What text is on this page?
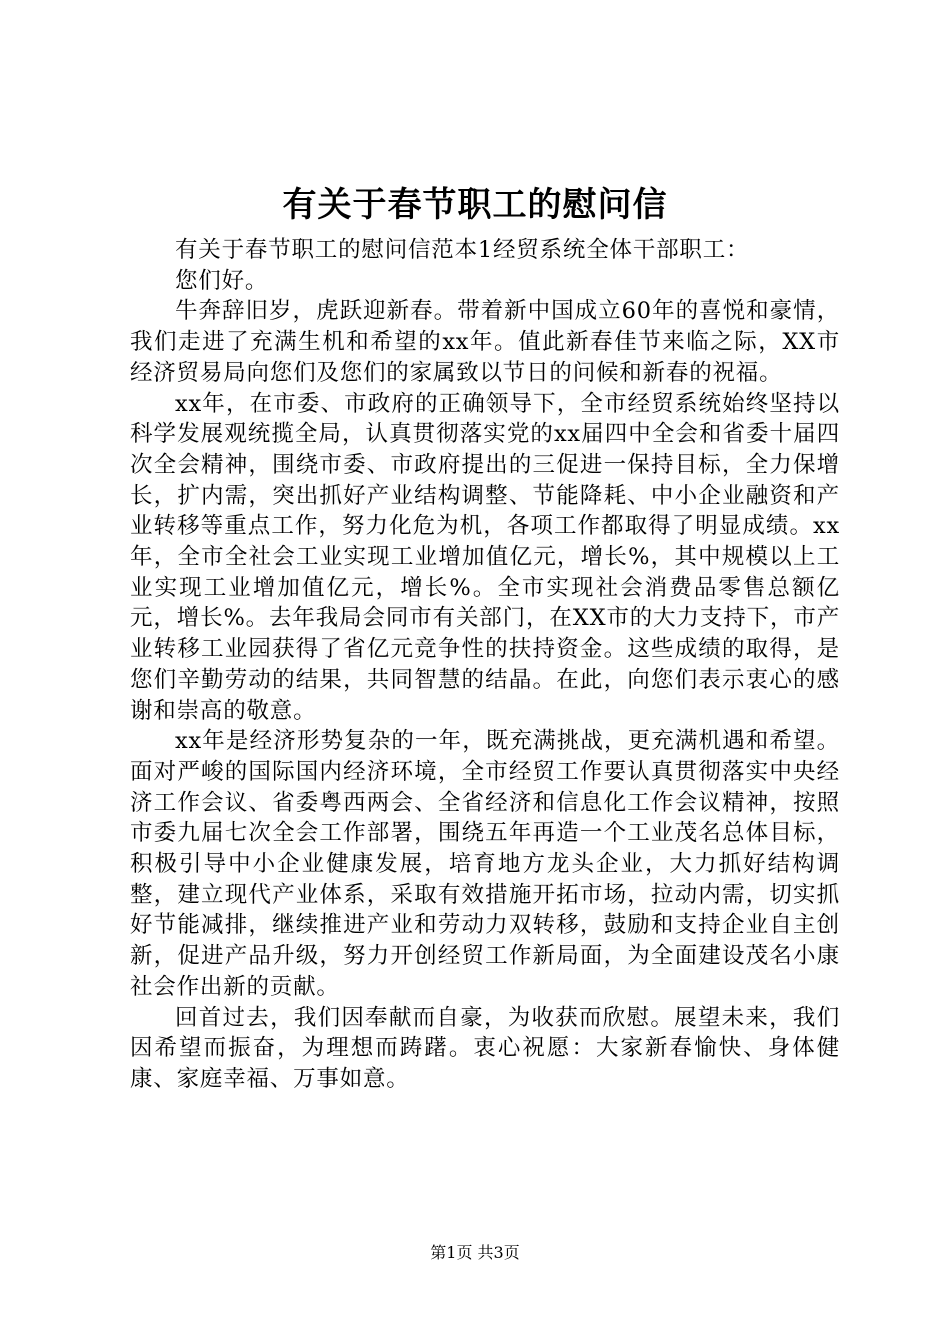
有关于春节职工的慰问信

有关于春节职工的慰问信范本1经贸系统全体干部职工：

您们好。

牛奔辞旧岁，虎跃迎新春。带着新中国成立60年的喜悦和豪情，我们走进了充满生机和希望的xx年。值此新春佳节来临之际，XX市经济贸易局向您们及您们的家属致以节日的问候和新春的祝福。

xx年，在市委、市政府的正确领导下，全市经贸系统始终坚持以科学发展观统揽全局，认真贯彻落实党的xx届四中全会和省委十届四次全会精神，围绕市委、市政府提出的三促进一保持目标，全力保增长，扩内需，突出抓好产业结构调整、节能降耗、中小企业融资和产业转移等重点工作，努力化危为机，各项工作都取得了明显成绩。xx年，全市全社会工业实现工业增加值亿元，增长%，其中规模以上工业实现工业增加值亿元，增长%。全市实现社会消费品零售总额亿元，增长%。去年我局会同市有关部门，在XX市的大力支持下，市产业转移工业园获得了省亿元竞争性的扶持资金。这些成绩的取得，是您们辛勤劳动的结果，共同智慧的结晶。在此，向您们表示衷心的感谢和崇高的敬意。

xx年是经济形势复杂的一年，既充满挑战，更充满机遇和希望。面对严峻的国际国内经济环境，全市经贸工作要认真贯彻落实中央经济工作会议、省委粤西两会、全省经济和信息化工作会议精神，按照市委九届七次全会工作部署，围绕五年再造一个工业茂名总体目标，积极引导中小企业健康发展，培育地方龙头企业，大力抓好结构调整，建立现代产业体系，采取有效措施开拓市场，拉动内需，切实抓好节能减排，继续推进产业和劳动力双转移，鼓励和支持企业自主创新，促进产品升级，努力开创经贸工作新局面，为全面建设茂名小康社会作出新的贡献。

回首过去，我们因奉献而自豪，为收获而欣慰。展望未来，我们因希望而振奋，为理想而踌躇。衷心祝愿：大家新春愉快、身体健康、家庭幸福、万事如意。

第1页 共3页
